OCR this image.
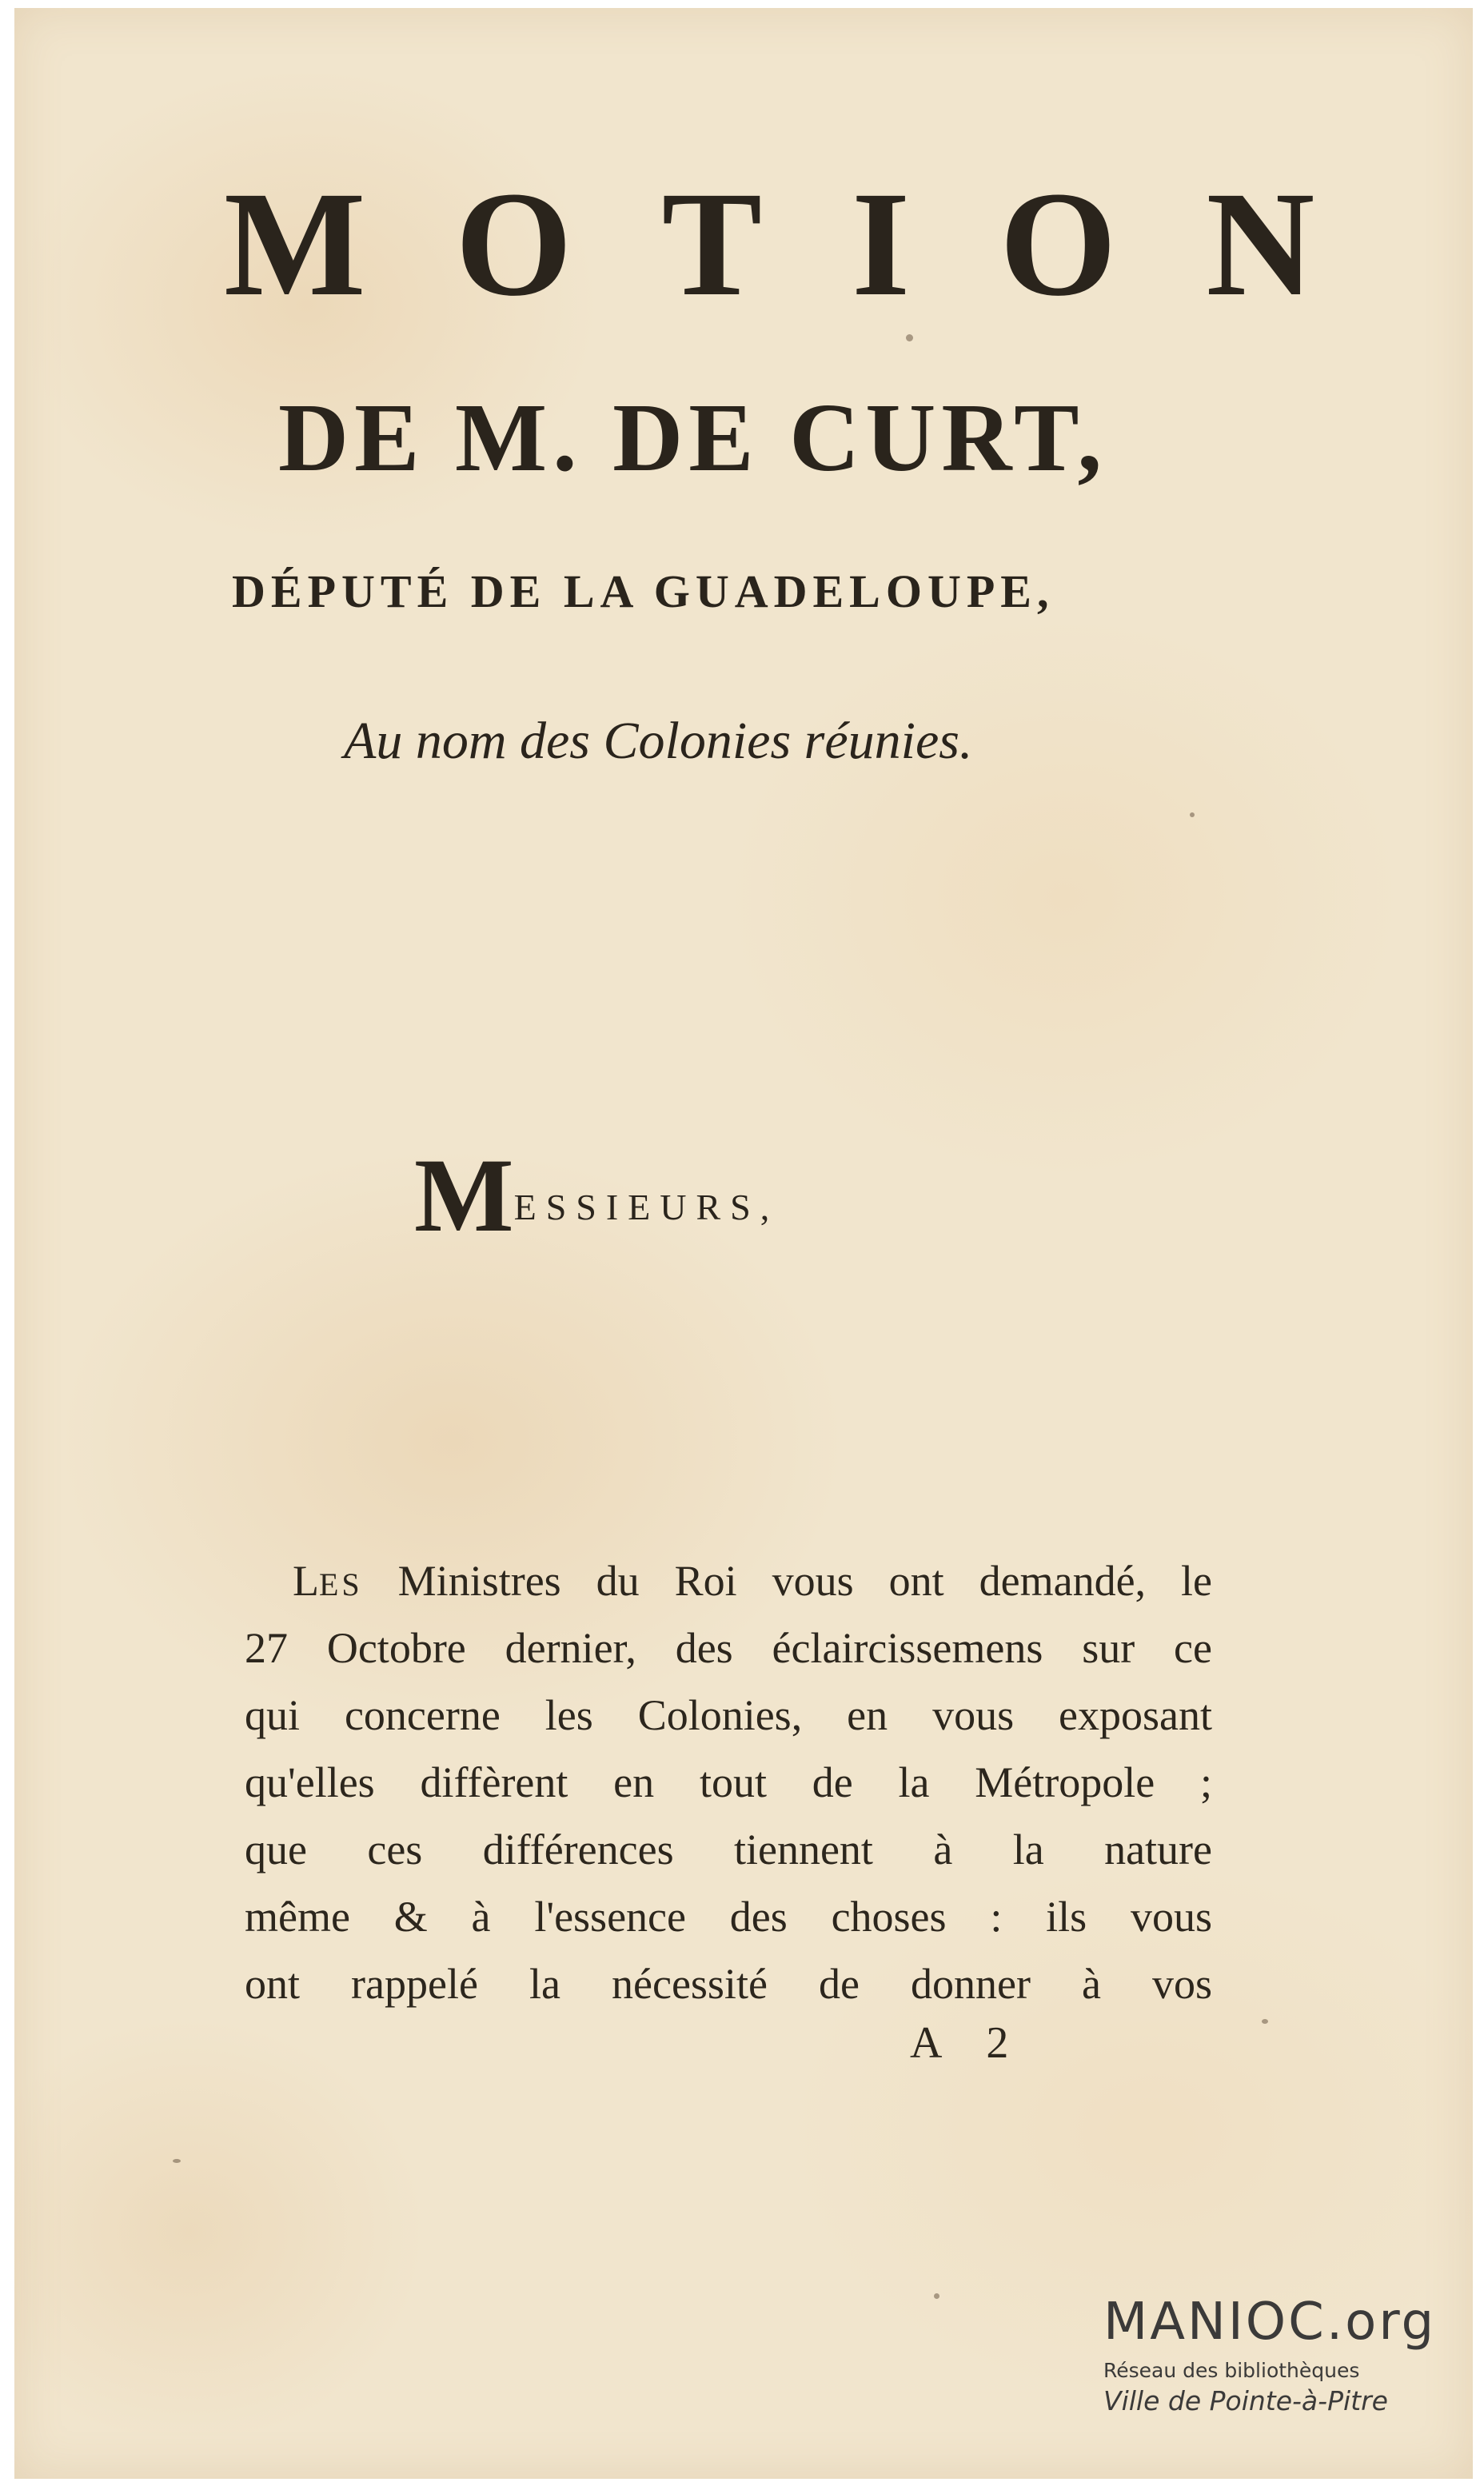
MOTION
DE M. DE CURT,
DÉPUTÉ DE LA GUADELOUPE,

Au nom des Colonies réunies.

MESSIEURS,
LES Ministres du Roi vous ont demandé, le
27 Octobre dernier, des éclaircissemens sur ce
qui concerne les Colonies, en vous exposant
qu'elles diffèrent en tout de la Métropole ;
que ces différences tiennent à la nature
même & à l'essence des choses : ils vous
ont rappelé la nécessité de donner à vos
A 2
MANIOC.org
Réseau des bibliothèques
Ville de Pointe-à-Pitre
